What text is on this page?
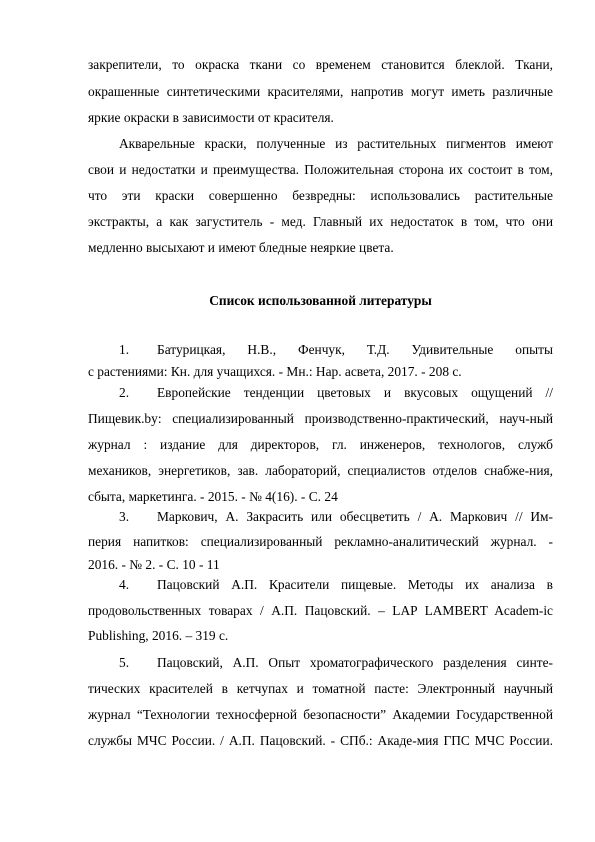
закрепители, то окраска ткани со временем становится блеклой. Ткани,
окрашенные синтетическими красителями, напротив могут иметь различные
яркие окраски в зависимости от красителя.
Акварельные краски, полученные из растительных пигментов имеют
свои и недостатки и преимущества. Положительная сторона их состоит в том,
что эти краски совершенно безвредны: использовались растительные
экстракты, а как загуститель - мед. Главный их недостаток в том, что они
медленно высыхают и имеют бледные неяркие цвета.
Список использованной литературы
1. Батурицкая, Н.В., Фенчук, Т.Д. Удивительные опыты
с растениями: Кн. для учащихся. - Мн.: Нар. асвета, 2017. - 208 с.
2. Европейские тенденции цветовых и вкусовых ощущений //
Пищевик.by: специализированный производственно-практический, науч-ный
журнал : издание для директоров, гл. инженеров, технологов, служб
механиков, энергетиков, зав. лабораторий, специалистов отделов снабже-ния,
сбыта, маркетинга. - 2015. - № 4(16). - С. 24
3. Маркович, А. Закрасить или обесцветить / А. Маркович // Им-
перия напитков: специализированный рекламно-аналитический журнал. -
2016. - № 2. - С. 10 - 11
4. Пацовский А.П. Красители пищевые. Методы их анализа в
продовольственных товарах / А.П. Пацовский. – LAP LAMBERT Academ-ic
Publishing, 2016. – 319 с.
5. Пацовский, А.П. Опыт хроматографического разделения синте-
тических красителей в кетчупах и томатной пасте: Электронный научный
журнал “Технологии техносферной безопасности” Академии Государственной
службы МЧС России. / А.П. Пацовский. - СПб.: Акаде-мия ГПС МЧС России.
